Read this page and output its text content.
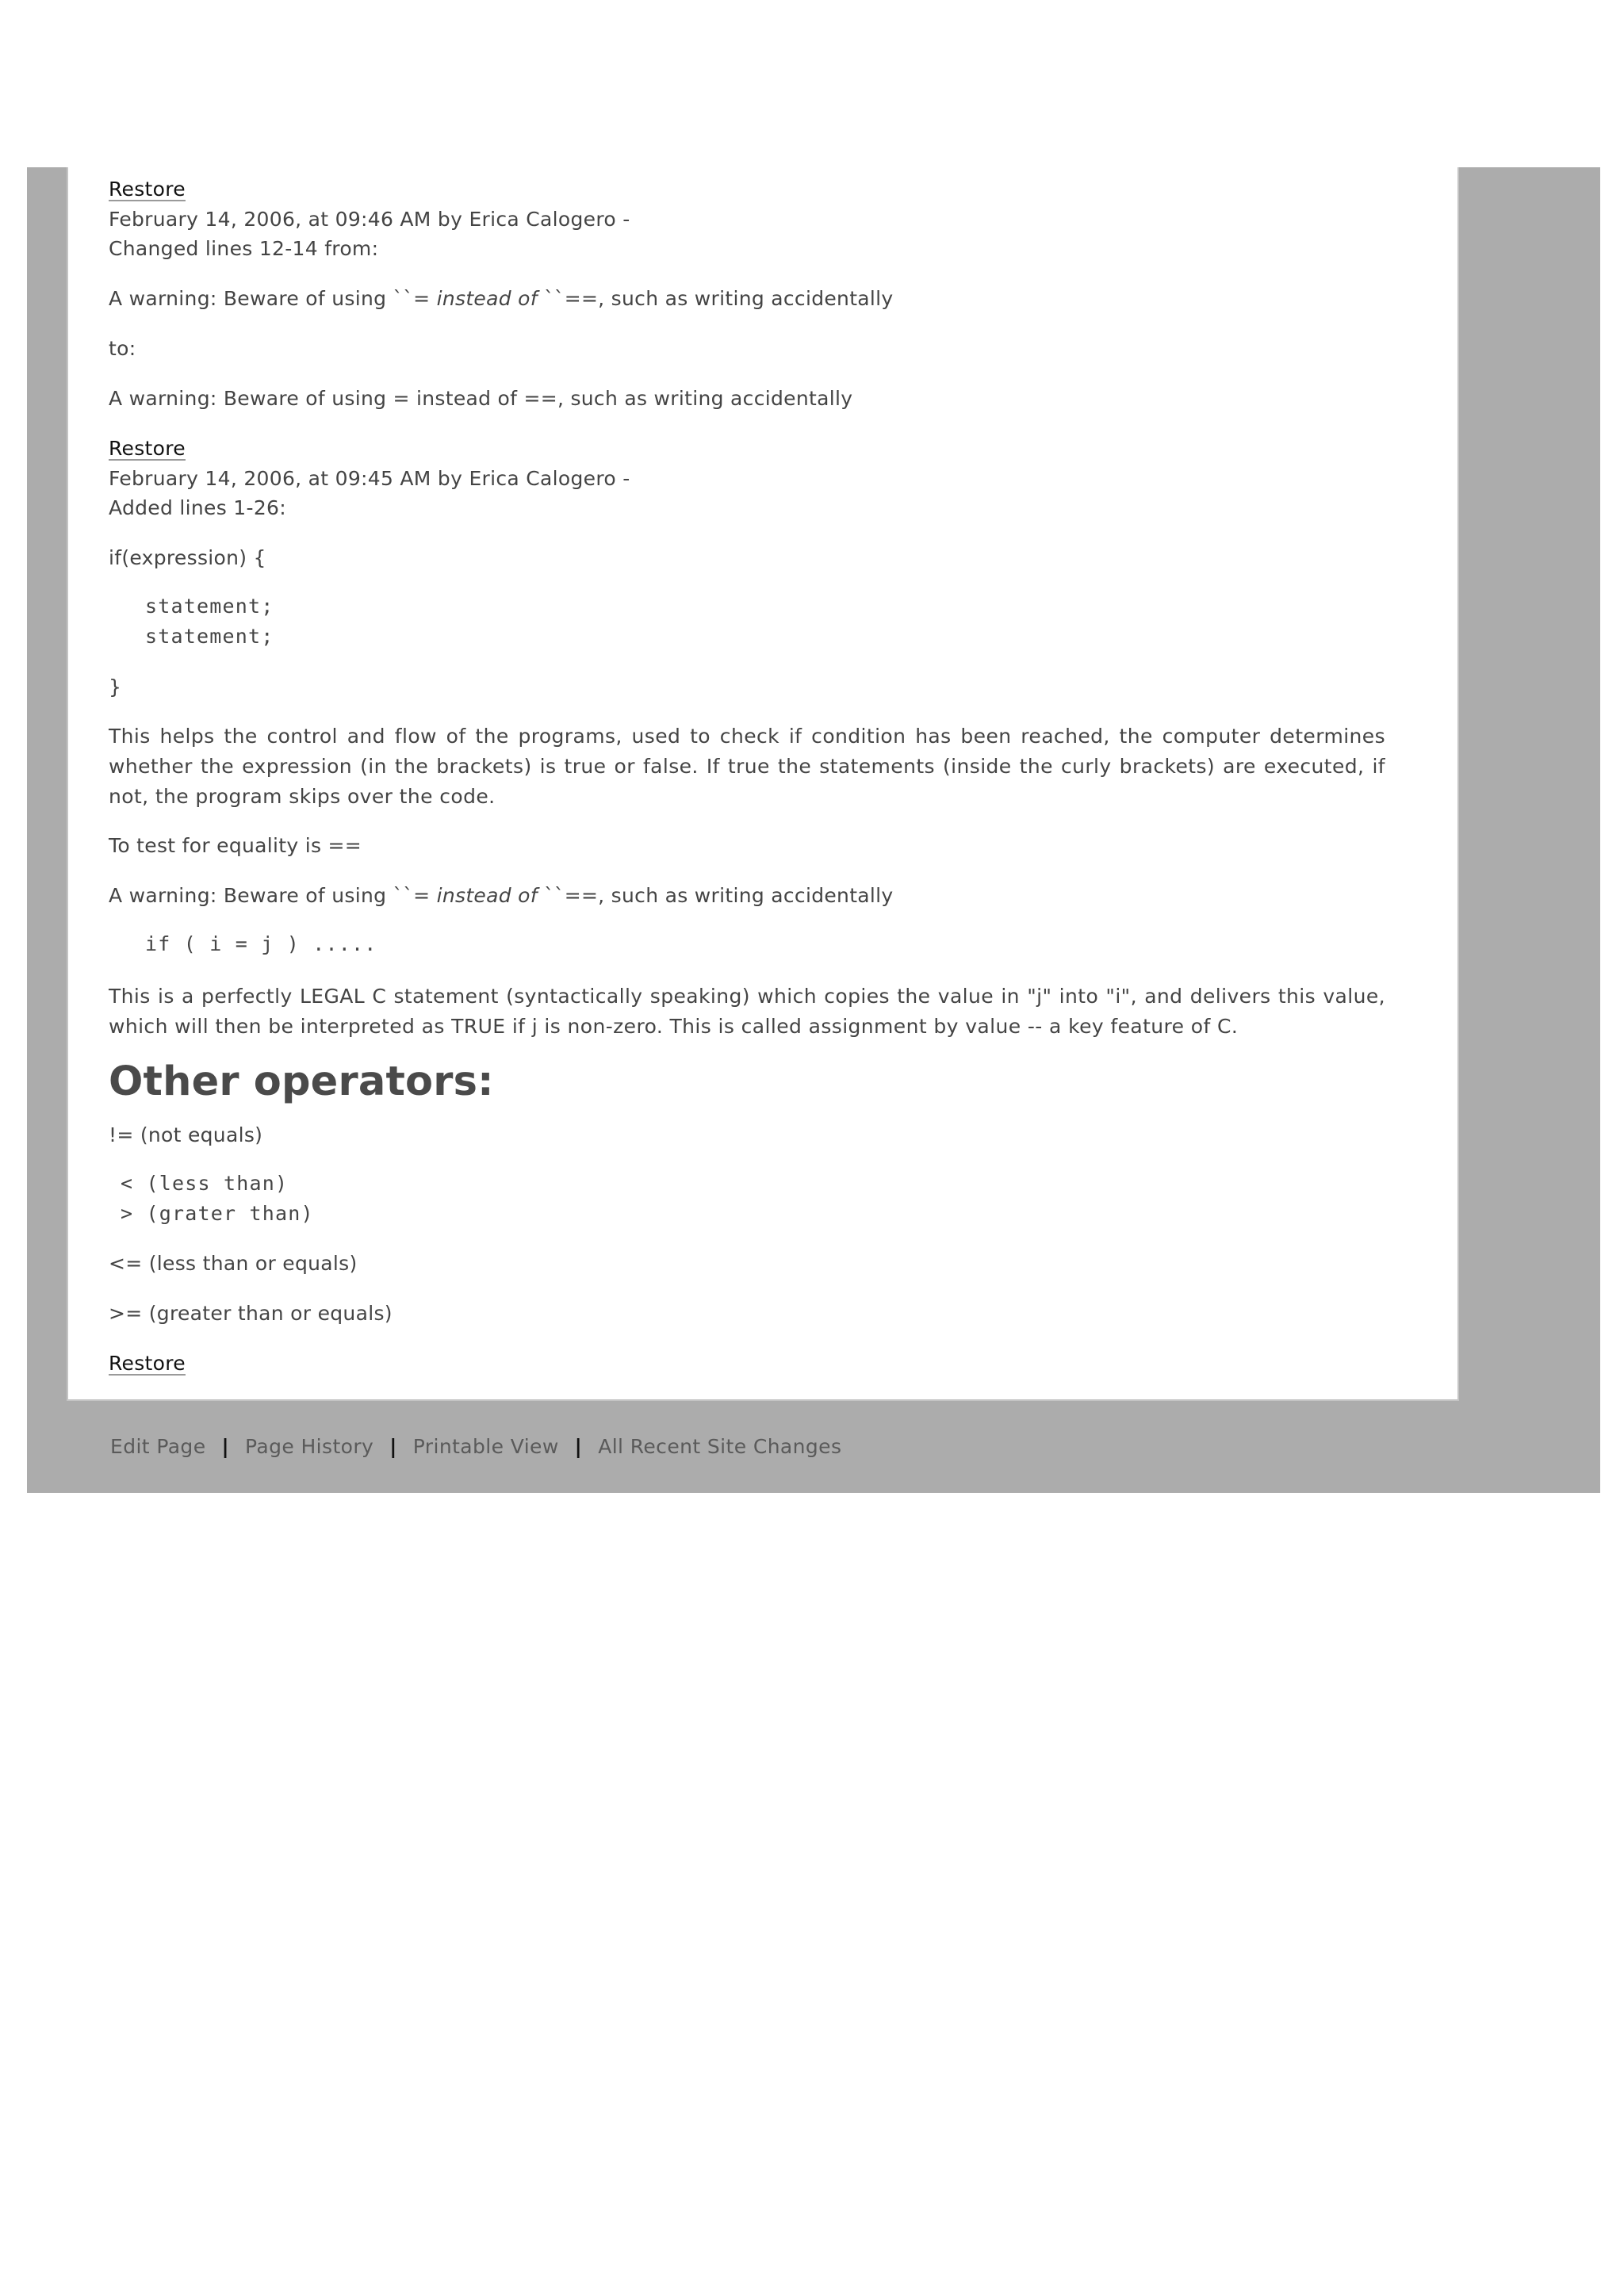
Restore
February 14, 2006, at 09:46 AM by Erica Calogero -
Changed lines 12-14 from:
A warning: Beware of using ``= instead of ``==, such as writing accidentally
to:
A warning: Beware of using = instead of ==, such as writing accidentally
Restore
February 14, 2006, at 09:45 AM by Erica Calogero -
Added lines 1-26:
if(expression) {
statement;
statement;
}
This helps the control and flow of the programs, used to check if condition has been reached, the computer determines whether the expression (in the brackets) is true or false. If true the statements (inside the curly brackets) are executed, if not, the program skips over the code.
To test for equality is ==
A warning: Beware of using ``= instead of ``==, such as writing accidentally
if ( i = j ) .....
This is a perfectly LEGAL C statement (syntactically speaking) which copies the value in "j" into "i", and delivers this value, which will then be interpreted as TRUE if j is non-zero. This is called assignment by value -- a key feature of C.
Other operators:
!= (not equals)
< (less than)
> (grater than)
<= (less than or equals)
>= (greater than or equals)
Restore
Edit Page | Page History | Printable View | All Recent Site Changes
